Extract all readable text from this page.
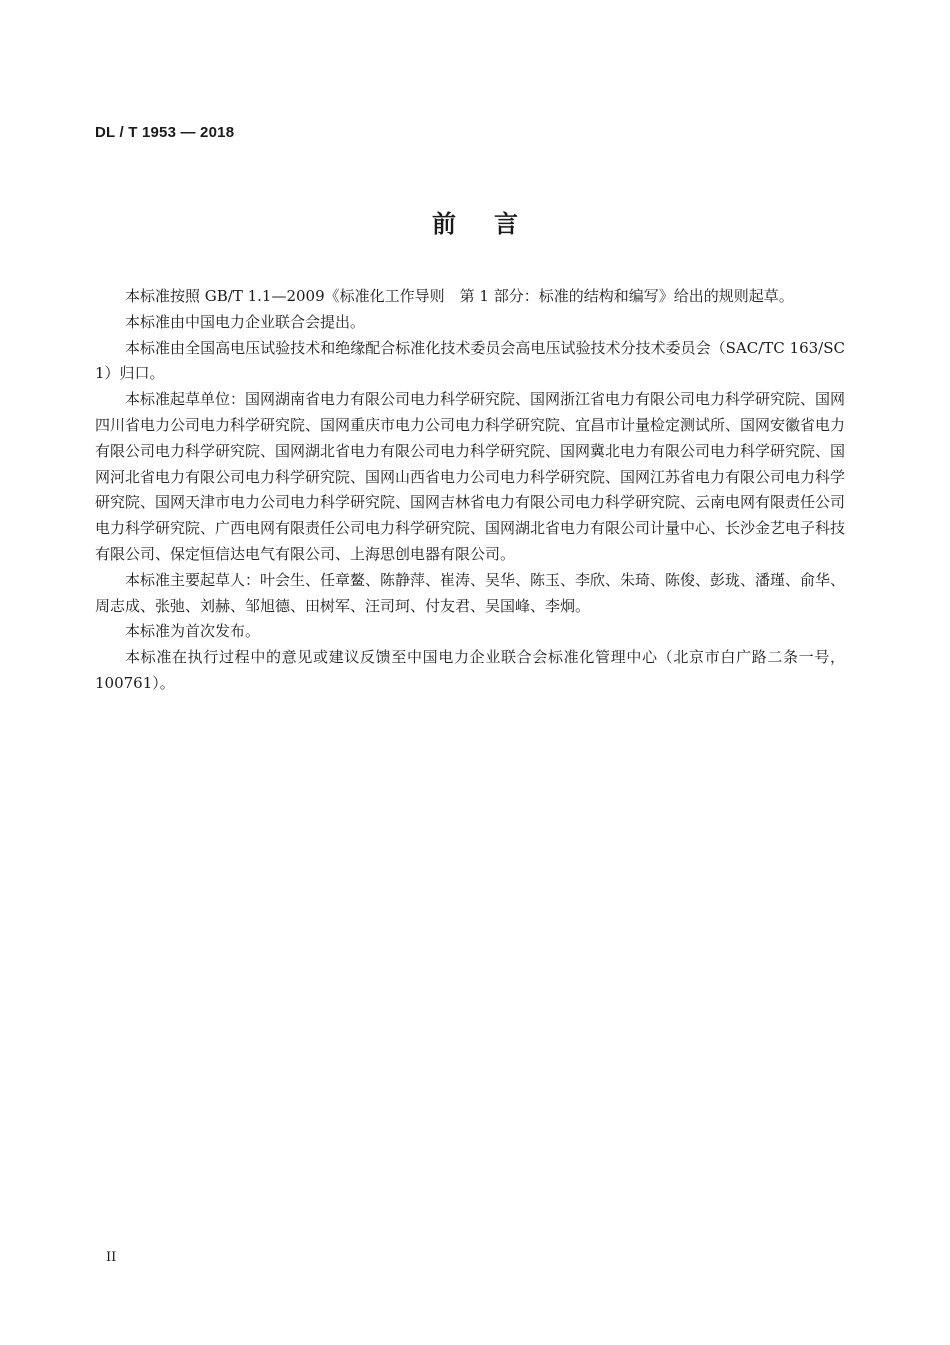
DL / T 1953 — 2018
前言

本标准按照 GB/T 1.1—2009《标准化工作导则　第 1 部分：标准的结构和编写》给出的规则起草。

本标准由中国电力企业联合会提出。

本标准由全国高电压试验技术和绝缘配合标准化技术委员会高电压试验技术分技术委员会（SAC/TC 163/SC 1）归口。

本标准起草单位：国网湖南省电力有限公司电力科学研究院、国网浙江省电力有限公司电力科学研究院、国网四川省电力公司电力科学研究院、国网重庆市电力公司电力科学研究院、宜昌市计量检定测试所、国网安徽省电力有限公司电力科学研究院、国网湖北省电力有限公司电力科学研究院、国网冀北电力有限公司电力科学研究院、国网河北省电力有限公司电力科学研究院、国网山西省电力公司电力科学研究院、国网江苏省电力有限公司电力科学研究院、国网天津市电力公司电力科学研究院、国网吉林省电力有限公司电力科学研究院、云南电网有限责任公司电力科学研究院、广西电网有限责任公司电力科学研究院、国网湖北省电力有限公司计量中心、长沙金艺电子科技有限公司、保定恒信达电气有限公司、上海思创电器有限公司。

本标准主要起草人：叶会生、任章鳌、陈静萍、崔涛、吴华、陈玉、李欣、朱琦、陈俊、彭珑、潘瑾、俞华、周志成、张弛、刘赫、邹旭德、田树军、汪司珂、付友君、吴国峰、李炯。

本标准为首次发布。

本标准在执行过程中的意见或建议反馈至中国电力企业联合会标准化管理中心（北京市白广路二条一号，100761）。

II
